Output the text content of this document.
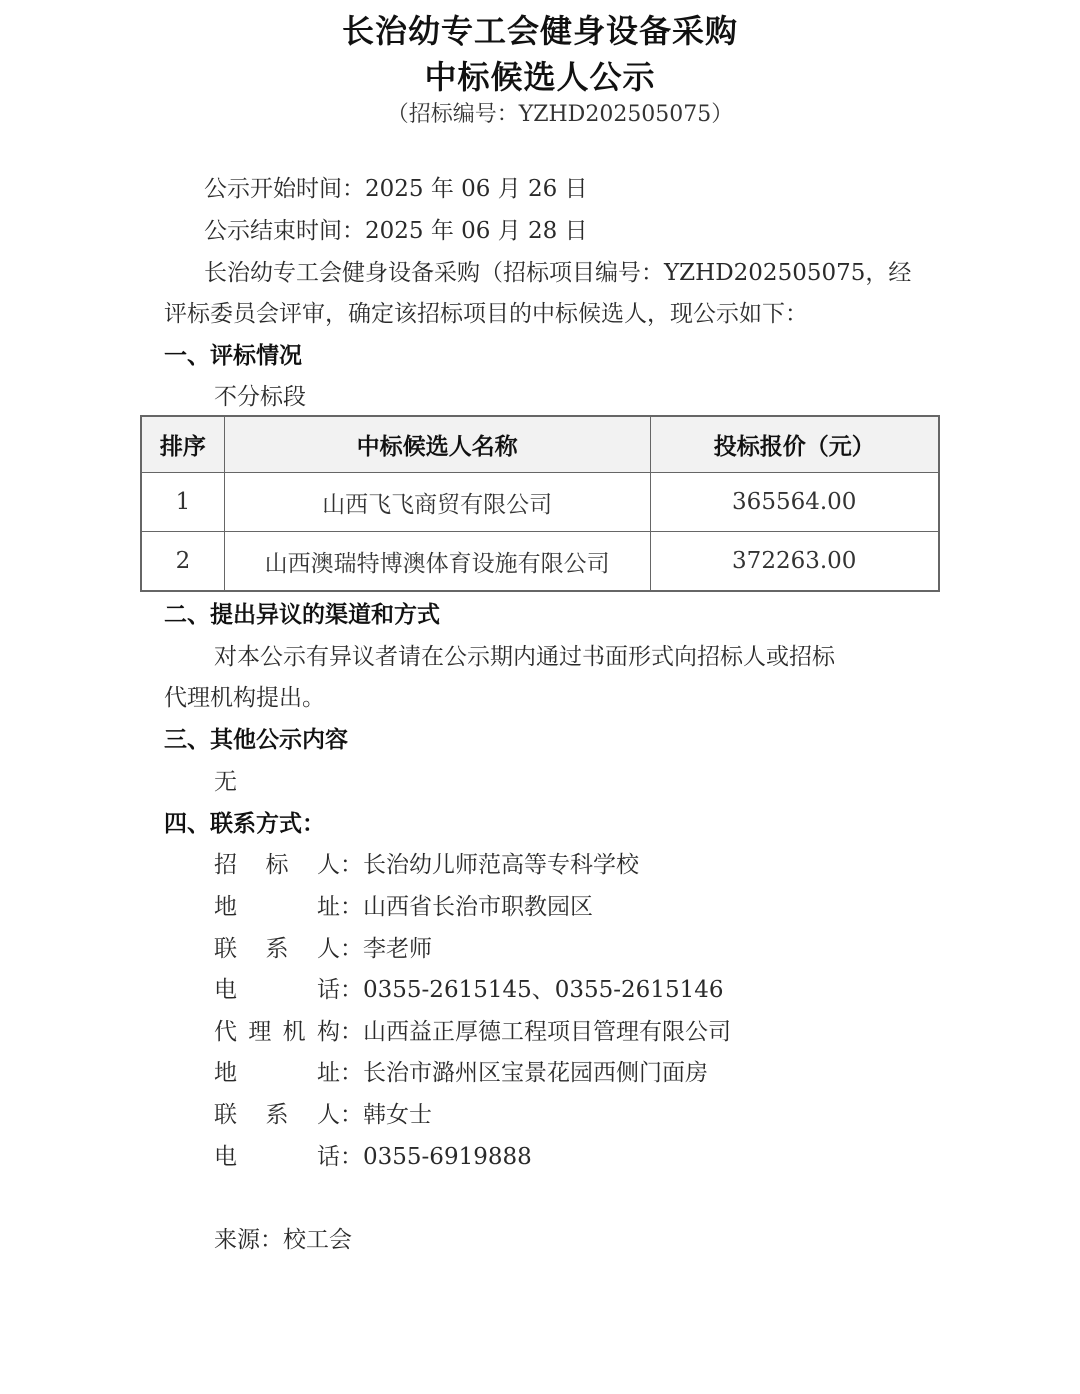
长治幼专工会健身设备采购
中标候选人公示
（招标编号：YZHD202505075）
公示开始时间：2025 年 06 月 26 日
公示结束时间：2025 年 06 月 28 日
长治幼专工会健身设备采购（招标项目编号：YZHD202505075，经
评标委员会评审，确定该招标项目的中标候选人，现公示如下：
一、评标情况
不分标段
排序	中标候选人名称	投标报价（元）
1	山西飞飞商贸有限公司	365564.00
2	山西澳瑞特博澳体育设施有限公司	372263.00
二、提出异议的渠道和方式
对本公示有异议者请在公示期内通过书面形式向招标人或招标
代理机构提出。
三、其他公示内容
无
四、联系方式：
招标人：长治幼儿师范高等专科学校
地址：山西省长治市职教园区
联系人：李老师
电话：0355-2615145、0355-2615146
代理机构：山西益正厚德工程项目管理有限公司
地址：长治市潞州区宝景花园西侧门面房
联系人：韩女士
电话：0355-6919888
来源：校工会
